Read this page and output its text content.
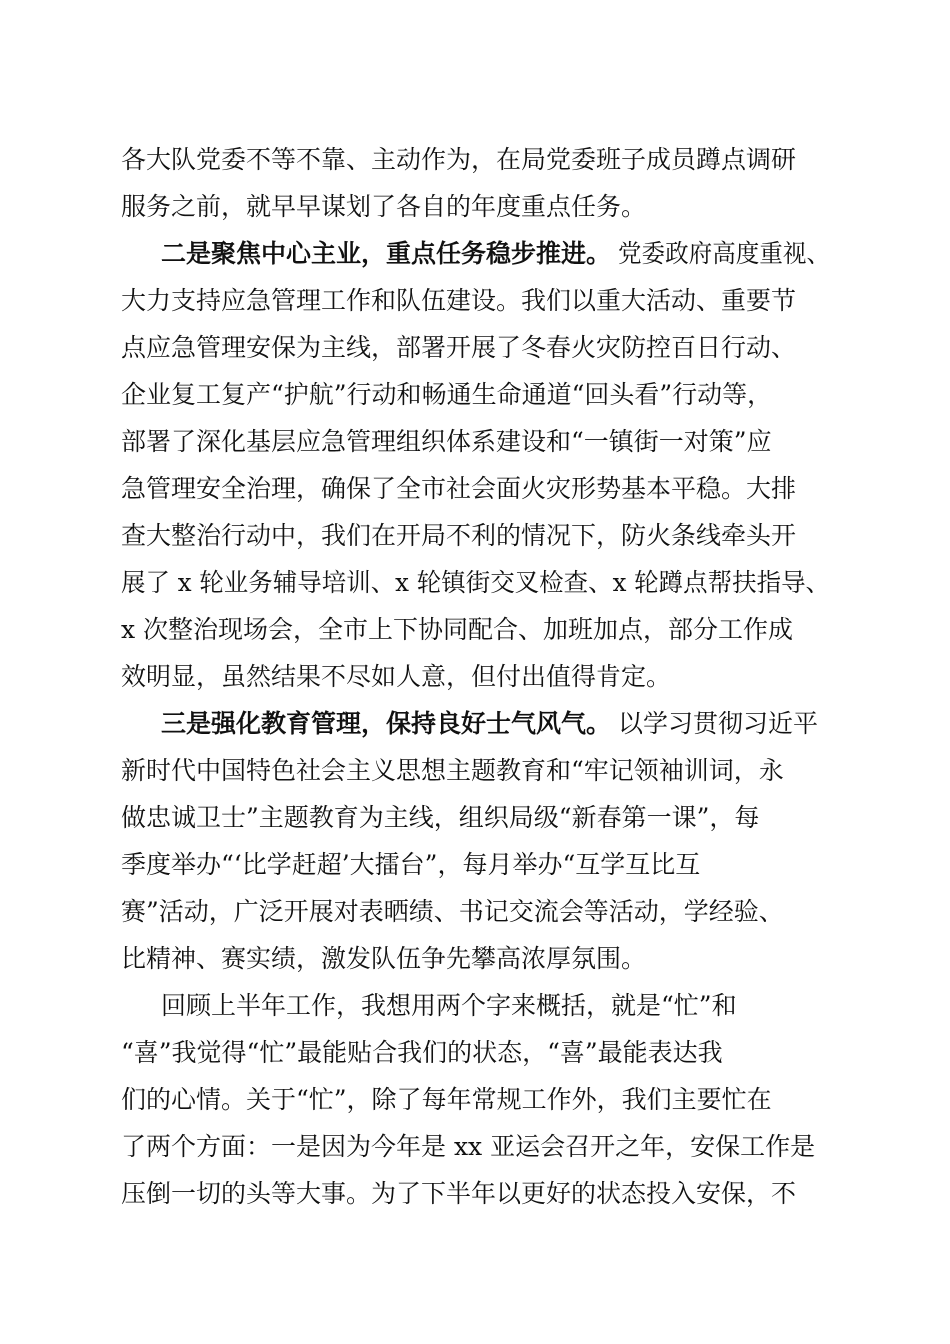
各大队党委不等不靠、主动作为，在局党委班子成员蹲点调研
服务之前，就早早谋划了各自的年度重点任务。
二是聚焦中心主业，重点任务稳步推进。 党委政府高度重视、
大力支持应急管理工作和队伍建设。我们以重大活动、重要节
点应急管理安保为主线，部署开展了冬春火灾防控百日行动、
企业复工复产“护航”行动和畅通生命通道“回头看”行动等，
部署了深化基层应急管理组织体系建设和“一镇街一对策”应
急管理安全治理，确保了全市社会面火灾形势基本平稳。大排
查大整治行动中，我们在开局不利的情况下，防火条线牵头开
展了 x 轮业务辅导培训、x 轮镇街交叉检查、x 轮蹲点帮扶指导、
x 次整治现场会，全市上下协同配合、加班加点，部分工作成
效明显，虽然结果不尽如人意，但付出值得肯定。
三是强化教育管理，保持良好士气风气。 以学习贯彻习近平
新时代中国特色社会主义思想主题教育和“牢记领袖训词，永
做忠诚卫士”主题教育为主线，组织局级“新春第一课”，每
季度举办“‘比学赶超’大擂台”，每月举办“互学互比互
赛”活动，广泛开展对表晒绩、书记交流会等活动，学经验、
比精神、赛实绩，激发队伍争先攀高浓厚氛围。
回顾上半年工作，我想用两个字来概括，就是“忙”和
“喜”我觉得“忙”最能贴合我们的状态，“喜”最能表达我
们的心情。关于“忙”，除了每年常规工作外，我们主要忙在
了两个方面：一是因为今年是 xx 亚运会召开之年，安保工作是
压倒一切的头等大事。为了下半年以更好的状态投入安保，不
